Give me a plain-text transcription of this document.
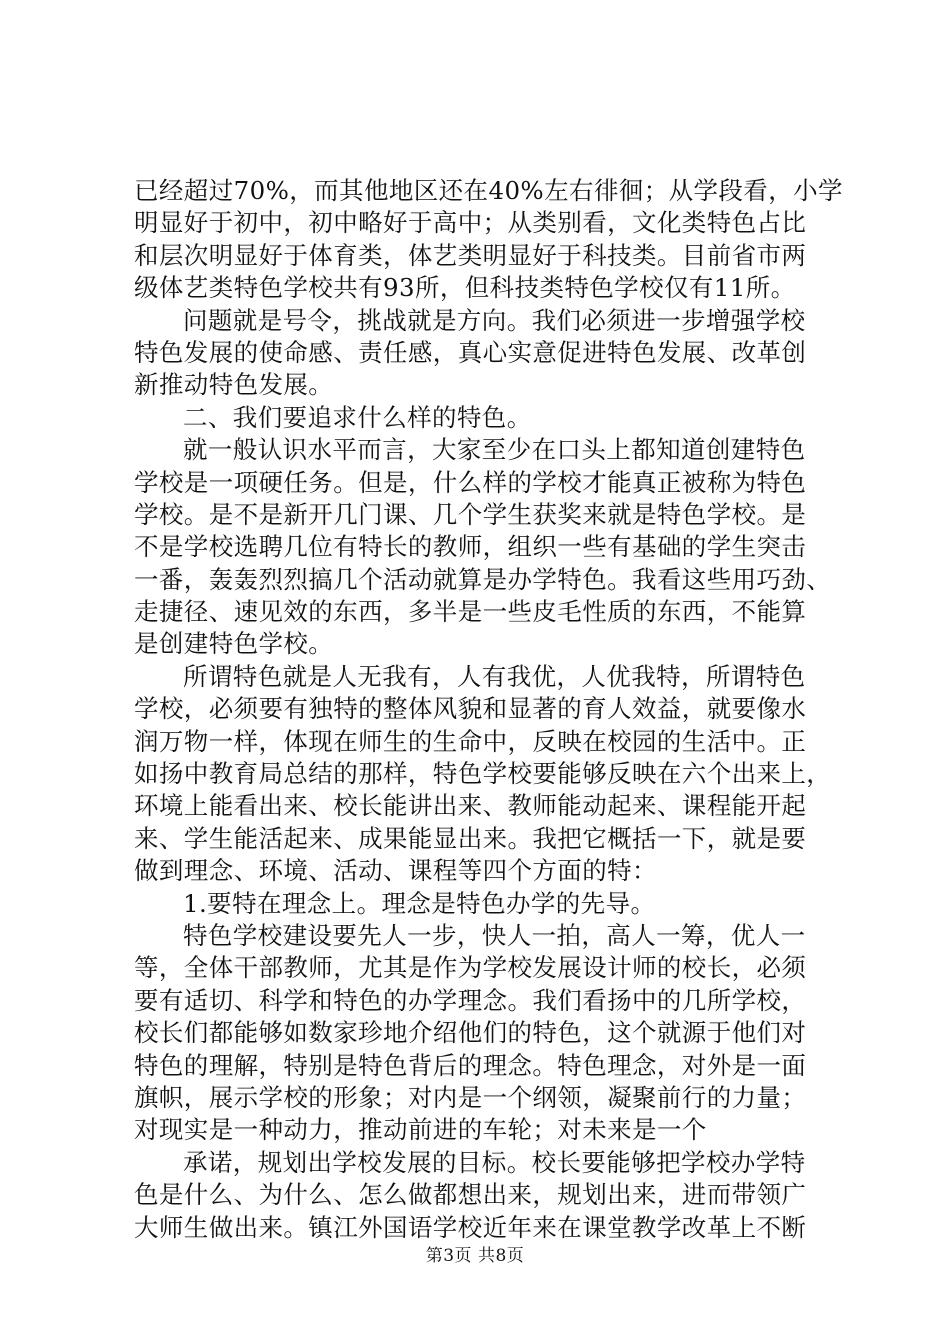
已经超过70%，而其他地区还在40%左右徘徊；从学段看，小学
明显好于初中，初中略好于高中；从类别看，文化类特色占比
和层次明显好于体育类，体艺类明显好于科技类。目前省市两
级体艺类特色学校共有93所，但科技类特色学校仅有11所。
问题就是号令，挑战就是方向。我们必须进一步增强学校
特色发展的使命感、责任感，真心实意促进特色发展、改革创
新推动特色发展。
二、我们要追求什么样的特色。
就一般认识水平而言，大家至少在口头上都知道创建特色
学校是一项硬任务。但是，什么样的学校才能真正被称为特色
学校。是不是新开几门课、几个学生获奖来就是特色学校。是
不是学校选聘几位有特长的教师，组织一些有基础的学生突击
一番，轰轰烈烈搞几个活动就算是办学特色。我看这些用巧劲、
走捷径、速见效的东西，多半是一些皮毛性质的东西，不能算
是创建特色学校。
所谓特色就是人无我有，人有我优，人优我特，所谓特色
学校，必须要有独特的整体风貌和显著的育人效益，就要像水
润万物一样，体现在师生的生命中，反映在校园的生活中。正
如扬中教育局总结的那样，特色学校要能够反映在六个出来上，
环境上能看出来、校长能讲出来、教师能动起来、课程能开起
来、学生能活起来、成果能显出来。我把它概括一下，就是要
做到理念、环境、活动、课程等四个方面的特：
1.要特在理念上。理念是特色办学的先导。
特色学校建设要先人一步，快人一拍，高人一筹，优人一
等，全体干部教师，尤其是作为学校发展设计师的校长，必须
要有适切、科学和特色的办学理念。我们看扬中的几所学校，
校长们都能够如数家珍地介绍他们的特色，这个就源于他们对
特色的理解，特别是特色背后的理念。特色理念，对外是一面
旗帜，展示学校的形象；对内是一个纲领，凝聚前行的力量；
对现实是一种动力，推动前进的车轮；对未来是一个
承诺，规划出学校发展的目标。校长要能够把学校办学特
色是什么、为什么、怎么做都想出来，规划出来，进而带领广
大师生做出来。镇江外国语学校近年来在课堂教学改革上不断
第3页 共8页
